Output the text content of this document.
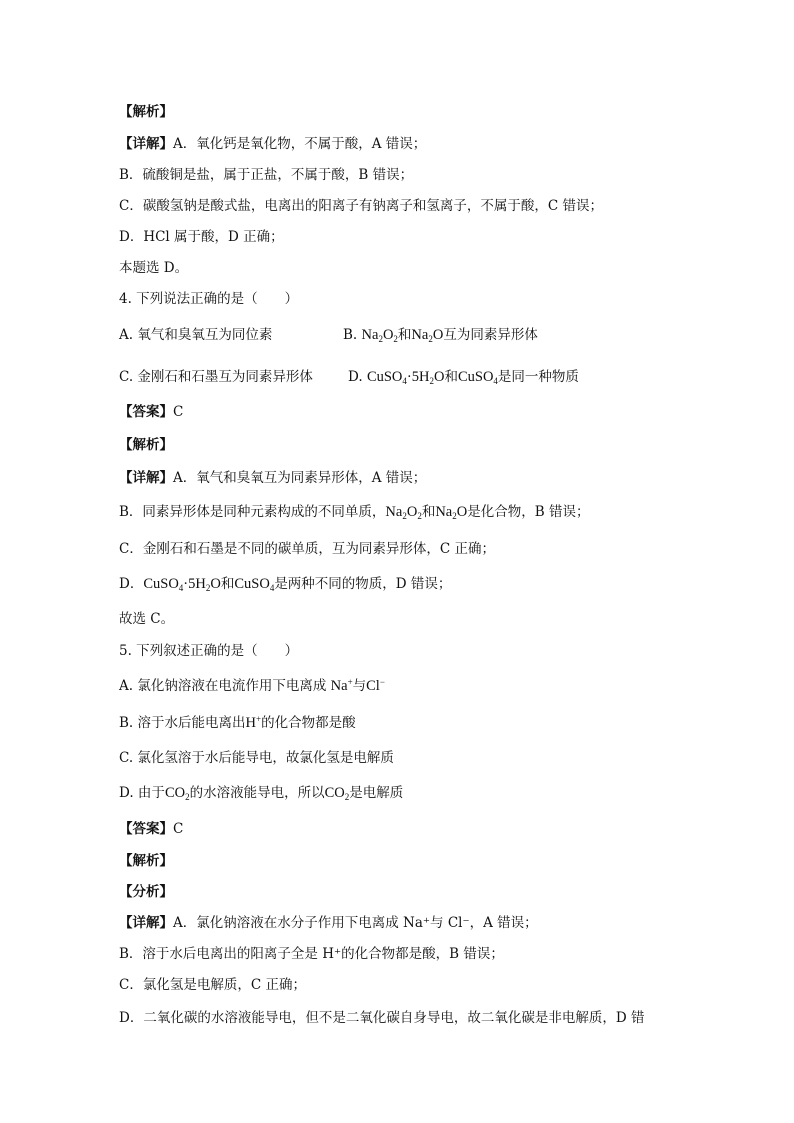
【解析】
【详解】A．氧化钙是氧化物，不属于酸，A 错误；
B．硫酸铜是盐，属于正盐，不属于酸，B 错误；
C．碳酸氢钠是酸式盐，电离出的阳离子有钠离子和氢离子，不属于酸，C 错误；
D．HCl 属于酸，D 正确；
本题选 D。
4. 下列说法正确的是（　　）
A. 氧气和臭氧互为同位素	B. $Na_2O_2$和$Na_2O$互为同素异形体
C. 金刚石和石墨互为同素异形体	D. $CuSO_4\cdot 5H_2O$和CuSO$_4$是同一种物质
【答案】C
【解析】
【详解】A．氧气和臭氧互为同素异形体，A 错误；
B．同素异形体是同种元素构成的不同单质，$Na_2O_2$和$Na_2O$是化合物，B 错误；
C．金刚石和石墨是不同的碳单质，互为同素异形体，C 正确；
D．$CuSO_4\cdot 5H_2O$和CuSO$_4$是两种不同的物质，D 错误；
故选 C。
5. 下列叙述正确的是（　　）
A. 氯化钠溶液在电流作用下电离成 Na+与Cl−
B. 溶于水后能电离出H+的化合物都是酸
C. 氯化氢溶于水后能导电，故氯化氢是电解质
D. 由于$CO_2$的水溶液能导电，所以$CO_2$是电解质
【答案】C
【解析】
【分析】
【详解】A．氯化钠溶液在水分子作用下电离成 Na⁺与 Cl⁻，A 错误；
B．溶于水后电离出的阳离子全是 H⁺的化合物都是酸，B 错误；
C．氯化氢是电解质，C 正确；
D．二氧化碳的水溶液能导电，但不是二氧化碳自身导电，故二氧化碳是非电解质，D 错
